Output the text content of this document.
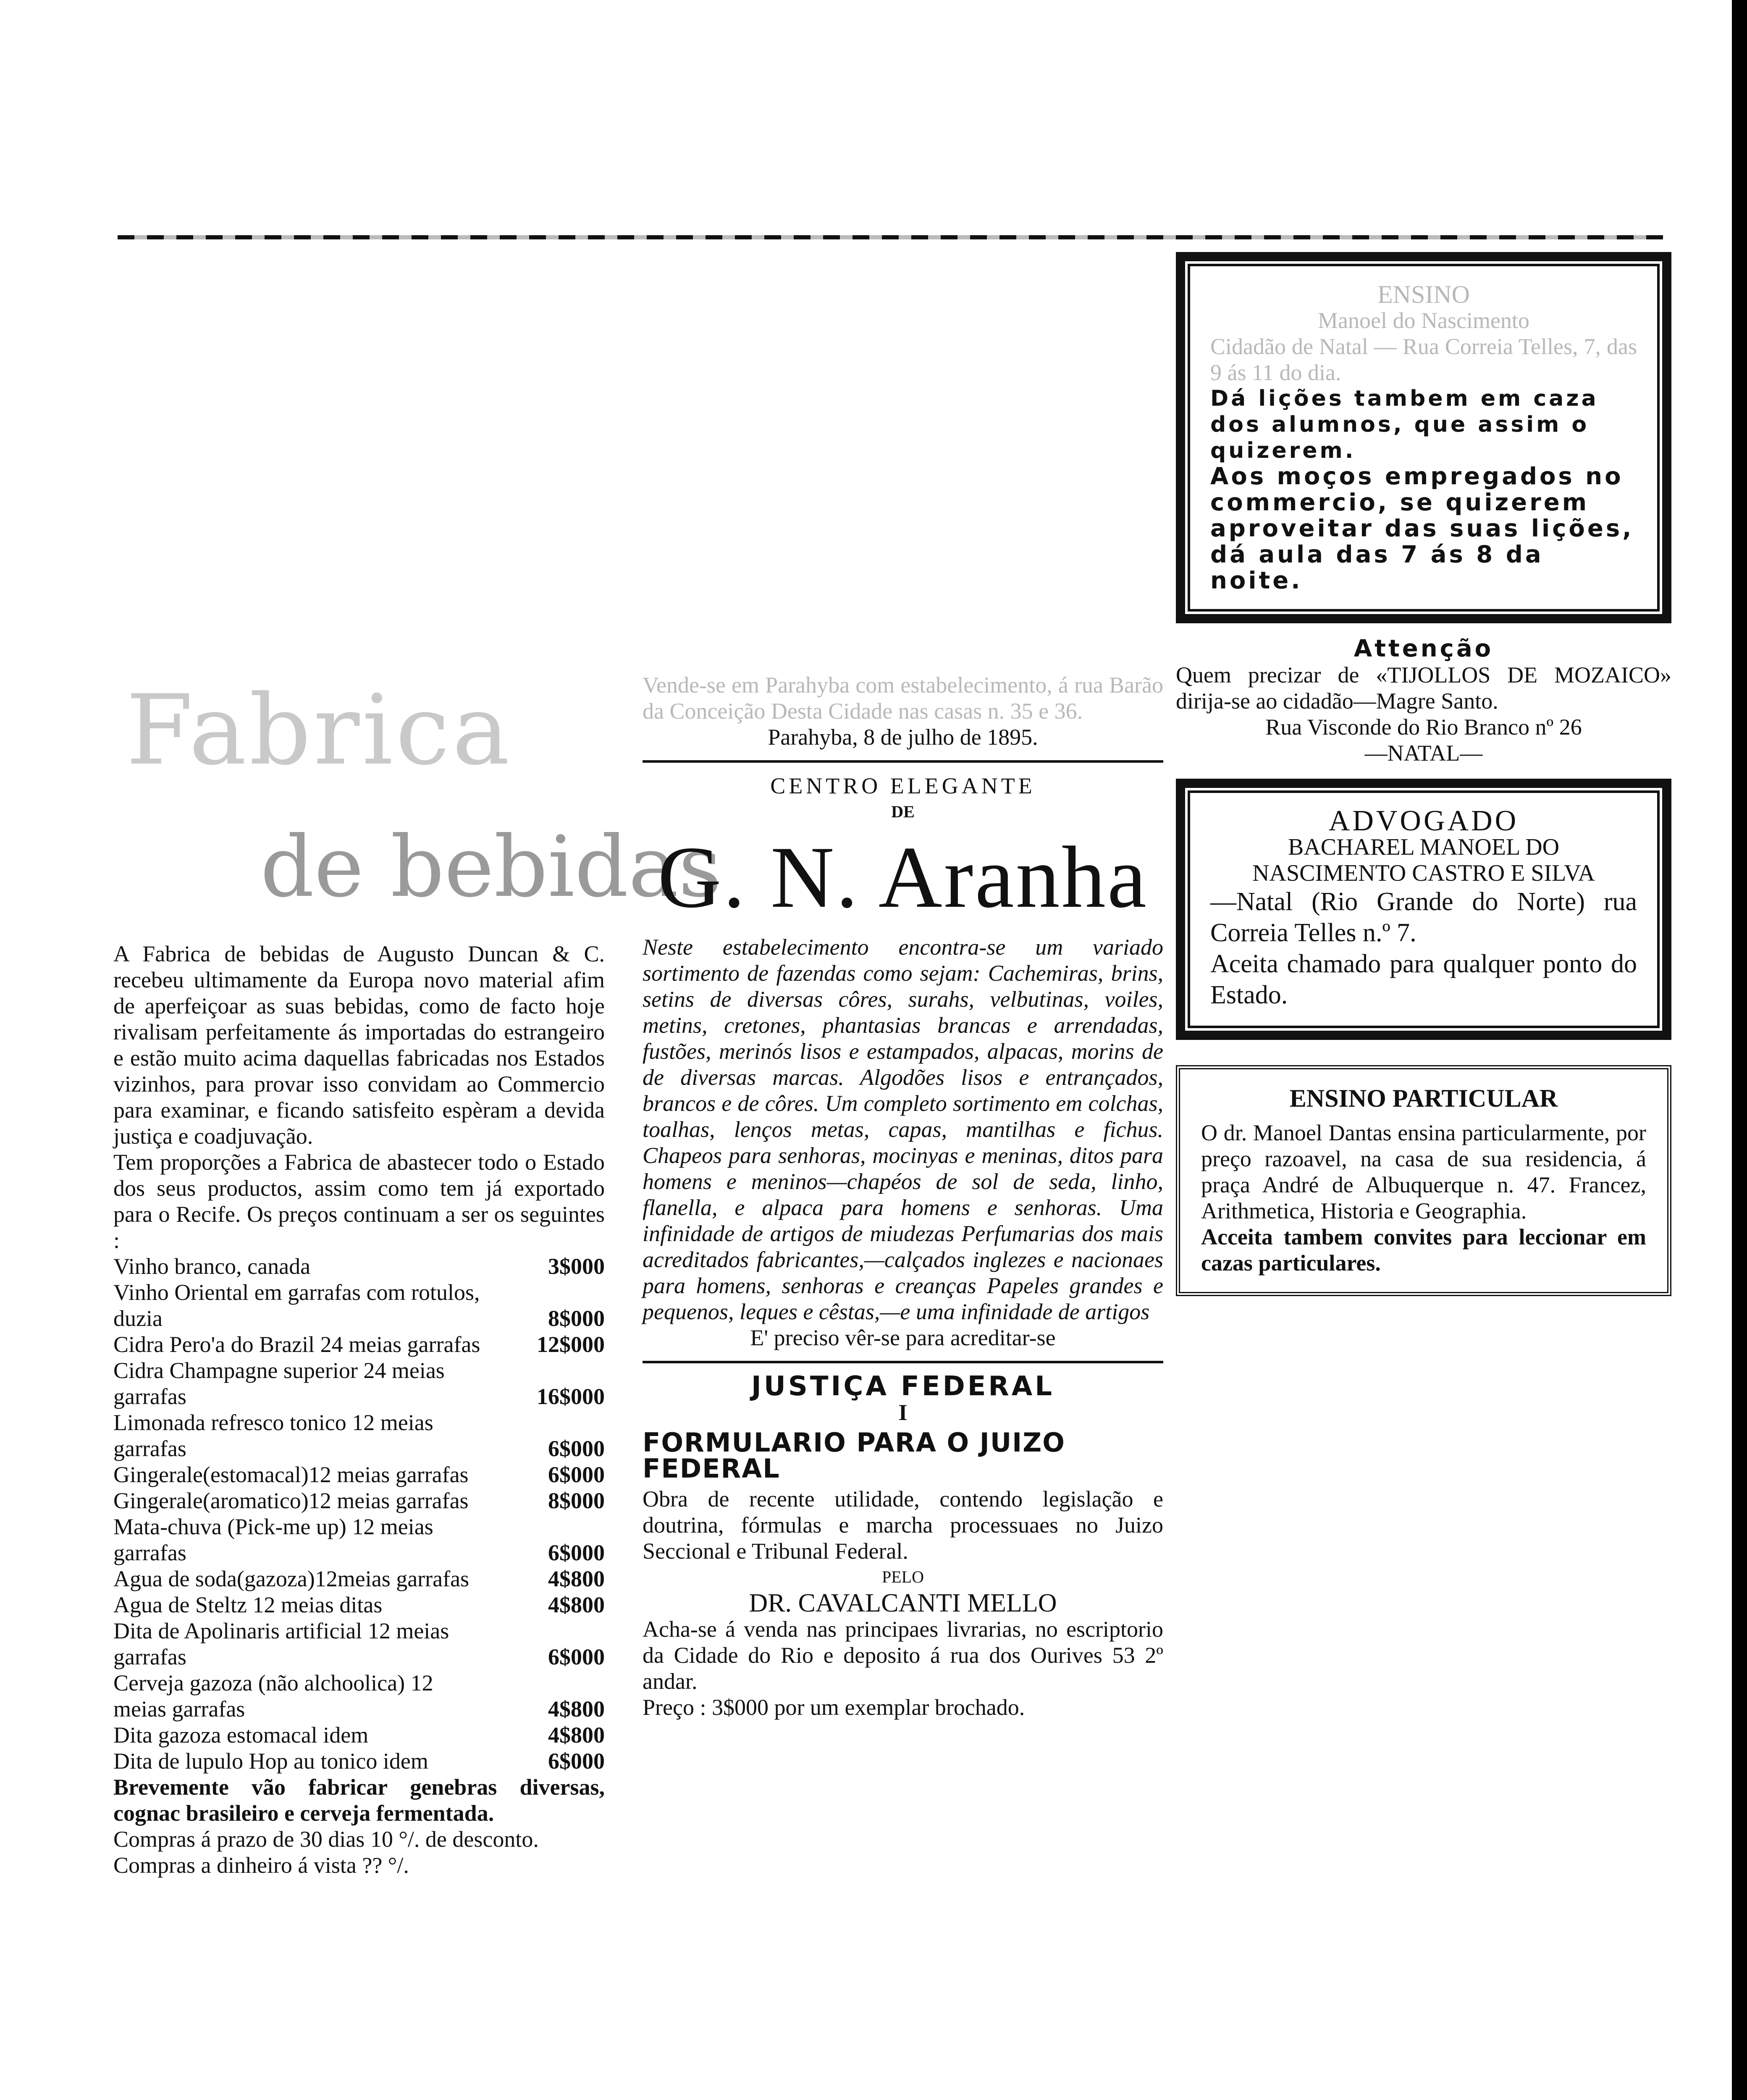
Fabrica
de bebidas

A Fabrica de bebidas de Augusto Duncan & C. recebeu ultimamente da Europa novo material afim de aperfeiçoar as suas bebidas, como de facto hoje rivalisam perfeitamente ás importadas do estrangeiro e estão muito acima daquellas fabricadas nos Estados vizinhos, para provar isso convidam ao Commercio para examinar, e ficando satisfeito espèram a devida justiça e coadjuvação.

Tem proporções a Fabrica de abastecer todo o Estado dos seus productos, assim como tem já exportado para o Recife. Os preços continuam a ser os seguintes :

Vinho branco, canada	3$000
Vinho Oriental em garrafas com rotulos, duzia	8$000
Cidra Pero'a do Brazil 24 meias garrafas	12$000
Cidra Champagne superior 24 meias garrafas	16$000
Limonada refresco tonico 12 meias garrafas	6$000
Gingerale(estomacal)12 meias garrafas	6$000
Gingerale(aromatico)12 meias garrafas	8$000
Mata-chuva (Pick-me up) 12 meias garrafas	6$000
Agua de soda(gazoza)12meias garrafas	4$800
Agua de Steltz 12 meias ditas	4$800
Dita de Apolinaris artificial 12 meias garrafas	6$000
Cerveja gazoza (não alchoolica) 12 meias garrafas	4$800
Dita gazoza estomacal idem	4$800
Dita de lupulo Hop au tonico idem	6$000

Brevemente vão fabricar genebras diversas, cognac brasileiro e cerveja fermentada.

Compras á prazo de 30 dias 10 °/. de desconto.

Compras a dinheiro á vista ?? °/.

Vende-se em Parahyba com estabelecimento, á rua Barão da Conceição Desta Cidade nas casas n. 35 e 36.

Parahyba, 8 de julho de 1895.

CENTRO ELEGANTE
DE
G. N. Aranha

Neste estabelecimento encontra-se um variado sortimento de fazendas como sejam: Cachemiras, brins, setins de diversas côres, surahs, velbutinas, voiles, metins, cretones, phantasias brancas e arrendadas, fustões, merinós lisos e estampados, alpacas, morins de de diversas marcas. Algodões lisos e entrançados, brancos e de côres. Um completo sortimento em colchas, toalhas, lenços metas, capas, mantilhas e fichus. Chapeos para senhoras, mocinyas e meninas, ditos para homens e meninos—chapéos de sol de seda, linho, flanella, e alpaca para homens e senhoras. Uma infinidade de artigos de miudezas Perfumarias dos mais acreditados fabricantes,—calçados inglezes e nacionaes para homens, senhoras e creanças Papeles grandes e pequenos, leques e cêstas,—e uma infinidade de artigos

E' preciso vêr-se para acreditar-se

JUSTIÇA FEDERAL
I
FORMULARIO PARA O JUIZO FEDERAL

Obra de recente utilidade, contendo legislação e doutrina, fórmulas e marcha processuaes no Juizo Seccional e Tribunal Federal.

PELO
DR. CAVALCANTI MELLO

Acha-se á venda nas principaes livrarias, no escriptorio da Cidade do Rio e deposito á rua dos Ourives 53 2º andar.

Preço : 3$000 por um exemplar brochado.

ENSINO
Manoel do Nascimento

Cidadão de Natal — Rua Correia Telles, 7, das 9 ás 11 do dia.

Dá lições tambem em caza dos alumnos, que assim o quizerem.

Aos moços empregados no commercio, se quizerem aproveitar das suas lições, dá aula das 7 ás 8 da noite.

Attenção

Quem precizar de «TIJOLLOS DE MOZAICO» dirija-se ao cidadão—Magre Santo.

Rua Visconde do Rio Branco nº 26

—NATAL—

ADVOGADO
BACHAREL MANOEL DO NASCIMENTO CASTRO E SILVA

—Natal (Rio Grande do Norte) rua Correia Telles n.º 7.

Aceita chamado para qualquer ponto do Estado.

ENSINO PARTICULAR

O dr. Manoel Dantas ensina particularmente, por preço razoavel, na casa de sua residencia, á praça André de Albuquerque n. 47. Francez, Arithmetica, Historia e Geographia.

Acceita tambem convites para leccionar em cazas particulares.
